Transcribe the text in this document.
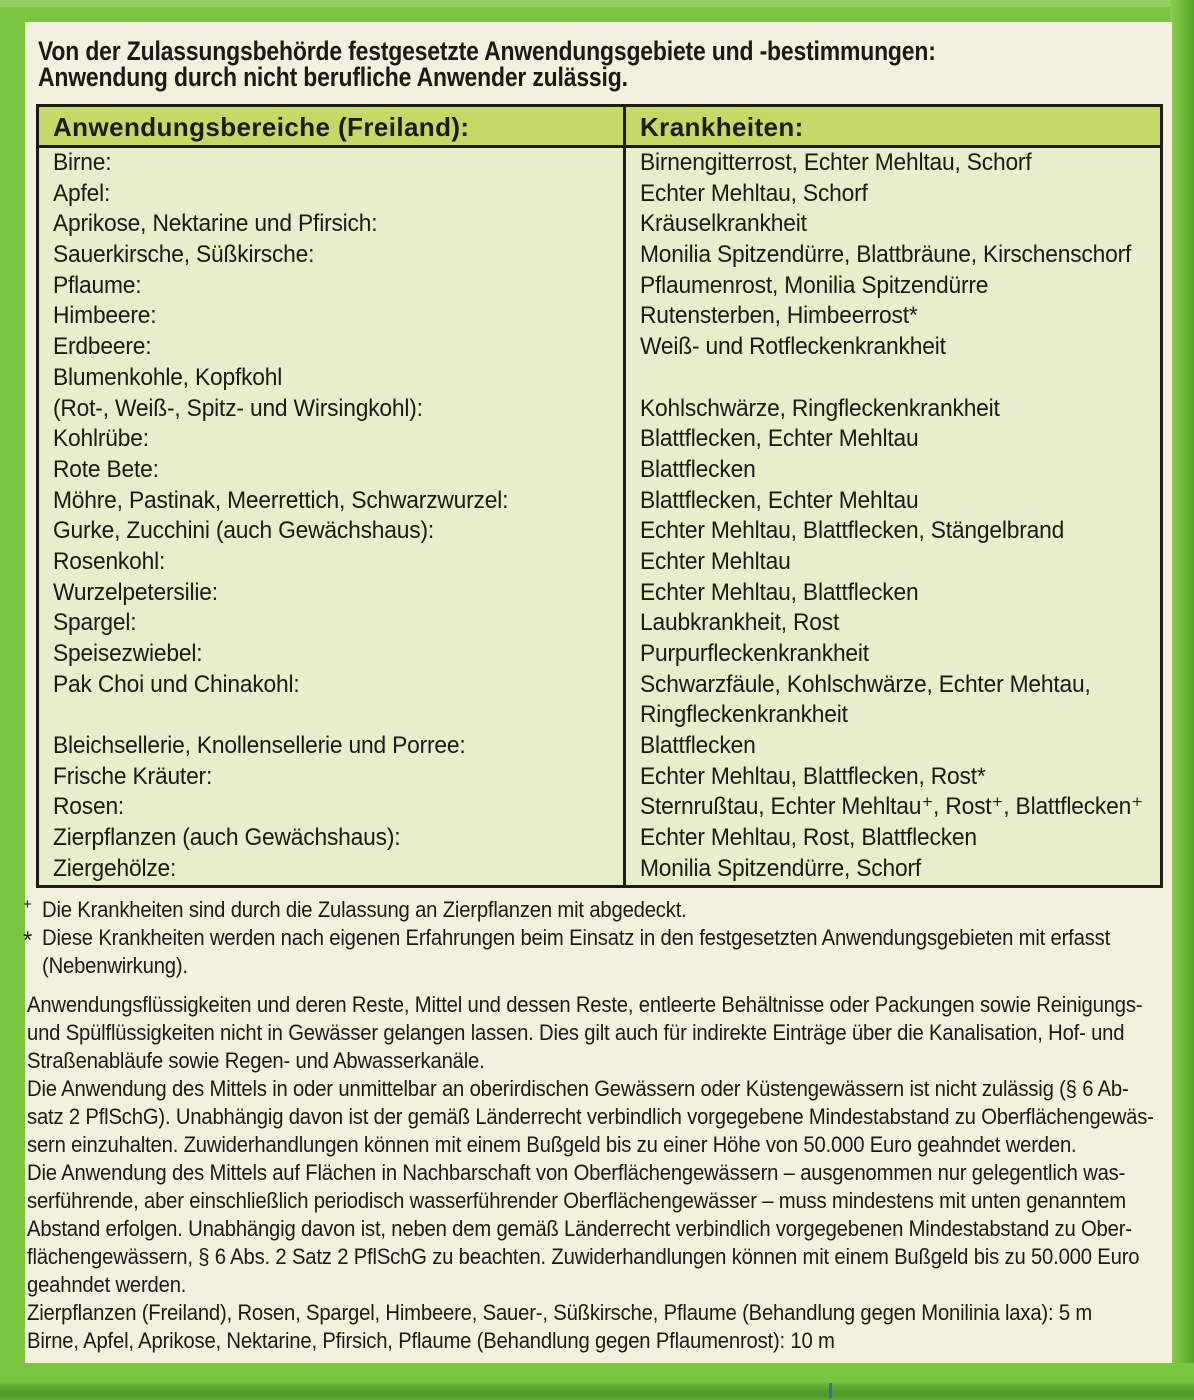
Von der Zulassungsbehörde festgesetzte Anwendungsgebiete und -bestimmungen:
Anwendung durch nicht berufliche Anwender zulässig.
Anwendungsbereiche (Freiland):	Krankheiten:
Birne:
Apfel:
Aprikose, Nektarine und Pfirsich:
Sauerkirsche, Süßkirsche:
Pflaume:
Himbeere:
Erdbeere:
Blumenkohle, Kopfkohl
(Rot-, Weiß-, Spitz- und Wirsingkohl):
Kohlrübe:
Rote Bete:
Möhre, Pastinak, Meerrettich, Schwarzwurzel:
Gurke, Zucchini (auch Gewächshaus):
Rosenkohl:
Wurzelpetersilie:
Spargel:
Speisezwiebel:
Pak Choi und Chinakohl:
Bleichsellerie, Knollensellerie und Porree:
Frische Kräuter:
Rosen:
Zierpflanzen (auch Gewächshaus):
Ziergehölze:
Birnengitterrost, Echter Mehltau, Schorf
Echter Mehltau, Schorf
Kräuselkrankheit
Monilia Spitzendürre, Blattbräune, Kirschenschorf
Pflaumenrost, Monilia Spitzendürre
Rutensterben, Himbeerrost*
Weiß- und Rotfleckenkrankheit
Kohlschwärze, Ringfleckenkrankheit
Blattflecken, Echter Mehltau
Blattflecken
Blattflecken, Echter Mehltau
Echter Mehltau, Blattflecken, Stängelbrand
Echter Mehltau
Echter Mehltau, Blattflecken
Laubkrankheit, Rost
Purpurfleckenkrankheit
Schwarzfäule, Kohlschwärze, Echter Mehtau,
Ringfleckenkrankheit
Blattflecken
Echter Mehltau, Blattflecken, Rost*
Sternrußtau, Echter Mehltau⁺, Rost⁺, Blattflecken⁺
Echter Mehltau, Rost, Blattflecken
Monilia Spitzendürre, Schorf
+ Die Krankheiten sind durch die Zulassung an Zierpflanzen mit abgedeckt.
* Diese Krankheiten werden nach eigenen Erfahrungen beim Einsatz in den festgesetzten Anwendungsgebieten mit erfasst
(Nebenwirkung).
Anwendungsflüssigkeiten und deren Reste, Mittel und dessen Reste, entleerte Behältnisse oder Packungen sowie Reinigungs-
und Spülflüssigkeiten nicht in Gewässer gelangen lassen. Dies gilt auch für indirekte Einträge über die Kanalisation, Hof- und
Straßenabläufe sowie Regen- und Abwasserkanäle.
Die Anwendung des Mittels in oder unmittelbar an oberirdischen Gewässern oder Küstengewässern ist nicht zulässig (§ 6 Ab-
satz 2 PflSchG). Unabhängig davon ist der gemäß Länderrecht verbindlich vorgegebene Mindestabstand zu Oberflächengewäs-
sern einzuhalten. Zuwiderhandlungen können mit einem Bußgeld bis zu einer Höhe von 50.000 Euro geahndet werden.
Die Anwendung des Mittels auf Flächen in Nachbarschaft von Oberflächengewässern – ausgenommen nur gelegentlich was-
serführende, aber einschließlich periodisch wasserführender Oberflächengewässer – muss mindestens mit unten genanntem
Abstand erfolgen. Unabhängig davon ist, neben dem gemäß Länderrecht verbindlich vorgegebenen Mindestabstand zu Ober-
flächengewässern, § 6 Abs. 2 Satz 2 PflSchG zu beachten. Zuwiderhandlungen können mit einem Bußgeld bis zu 50.000 Euro
geahndet werden.
Zierpflanzen (Freiland), Rosen, Spargel, Himbeere, Sauer-, Süßkirsche, Pflaume (Behandlung gegen Monilinia laxa): 5 m
Birne, Apfel, Aprikose, Nektarine, Pfirsich, Pflaume (Behandlung gegen Pflaumenrost): 10 m
